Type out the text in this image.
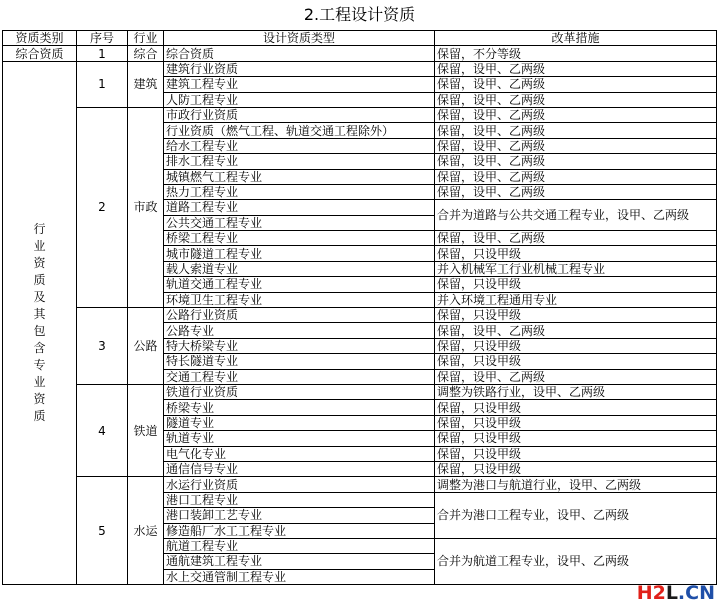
2.工程设计资质
资质类别	序号	行业	设计资质类型	改革措施
综合资质	1	综合	综合资质	保留，不分等级
行业资质及其包含专业资质	1	建筑	建筑行业资质	保留，设甲、乙两级
			建筑工程专业	保留，设甲、乙两级
			人防工程专业	保留，设甲、乙两级
	2	市政	市政行业资质	保留，设甲、乙两级
			行业资质（燃气工程、轨道交通工程除外）	保留，设甲、乙两级
			给水工程专业	保留，设甲、乙两级
			排水工程专业	保留，设甲、乙两级
			城镇燃气工程专业	保留，设甲、乙两级
			热力工程专业	保留，设甲、乙两级
			道路工程专业	合并为道路与公共交通工程专业，设甲、乙两级
			公共交通工程专业	
			桥梁工程专业	保留，设甲、乙两级
			城市隧道工程专业	保留，只设甲级
			载人索道专业	并入机械军工行业机械工程专业
			轨道交通工程专业	保留，只设甲级
			环境卫生工程专业	并入环境工程通用专业
	3	公路	公路行业资质	保留，只设甲级
			公路专业	保留，设甲、乙两级
			特大桥梁专业	保留，只设甲级
			特长隧道专业	保留，只设甲级
			交通工程专业	保留，设甲、乙两级
	4	铁道	铁道行业资质	调整为铁路行业，设甲、乙两级
			桥梁专业	保留，只设甲级
			隧道专业	保留，只设甲级
			轨道专业	保留，只设甲级
			电气化专业	保留，只设甲级
			通信信号专业	保留，只设甲级
	5	水运	水运行业资质	调整为港口与航道行业，设甲、乙两级
			港口工程专业	合并为港口工程专业，设甲、乙两级
			港口装卸工艺专业	
			修造船厂水工工程专业	
			航道工程专业	合并为航道工程专业，设甲、乙两级
			通航建筑工程专业	
			水上交通管制工程专业	
H2L.CN
